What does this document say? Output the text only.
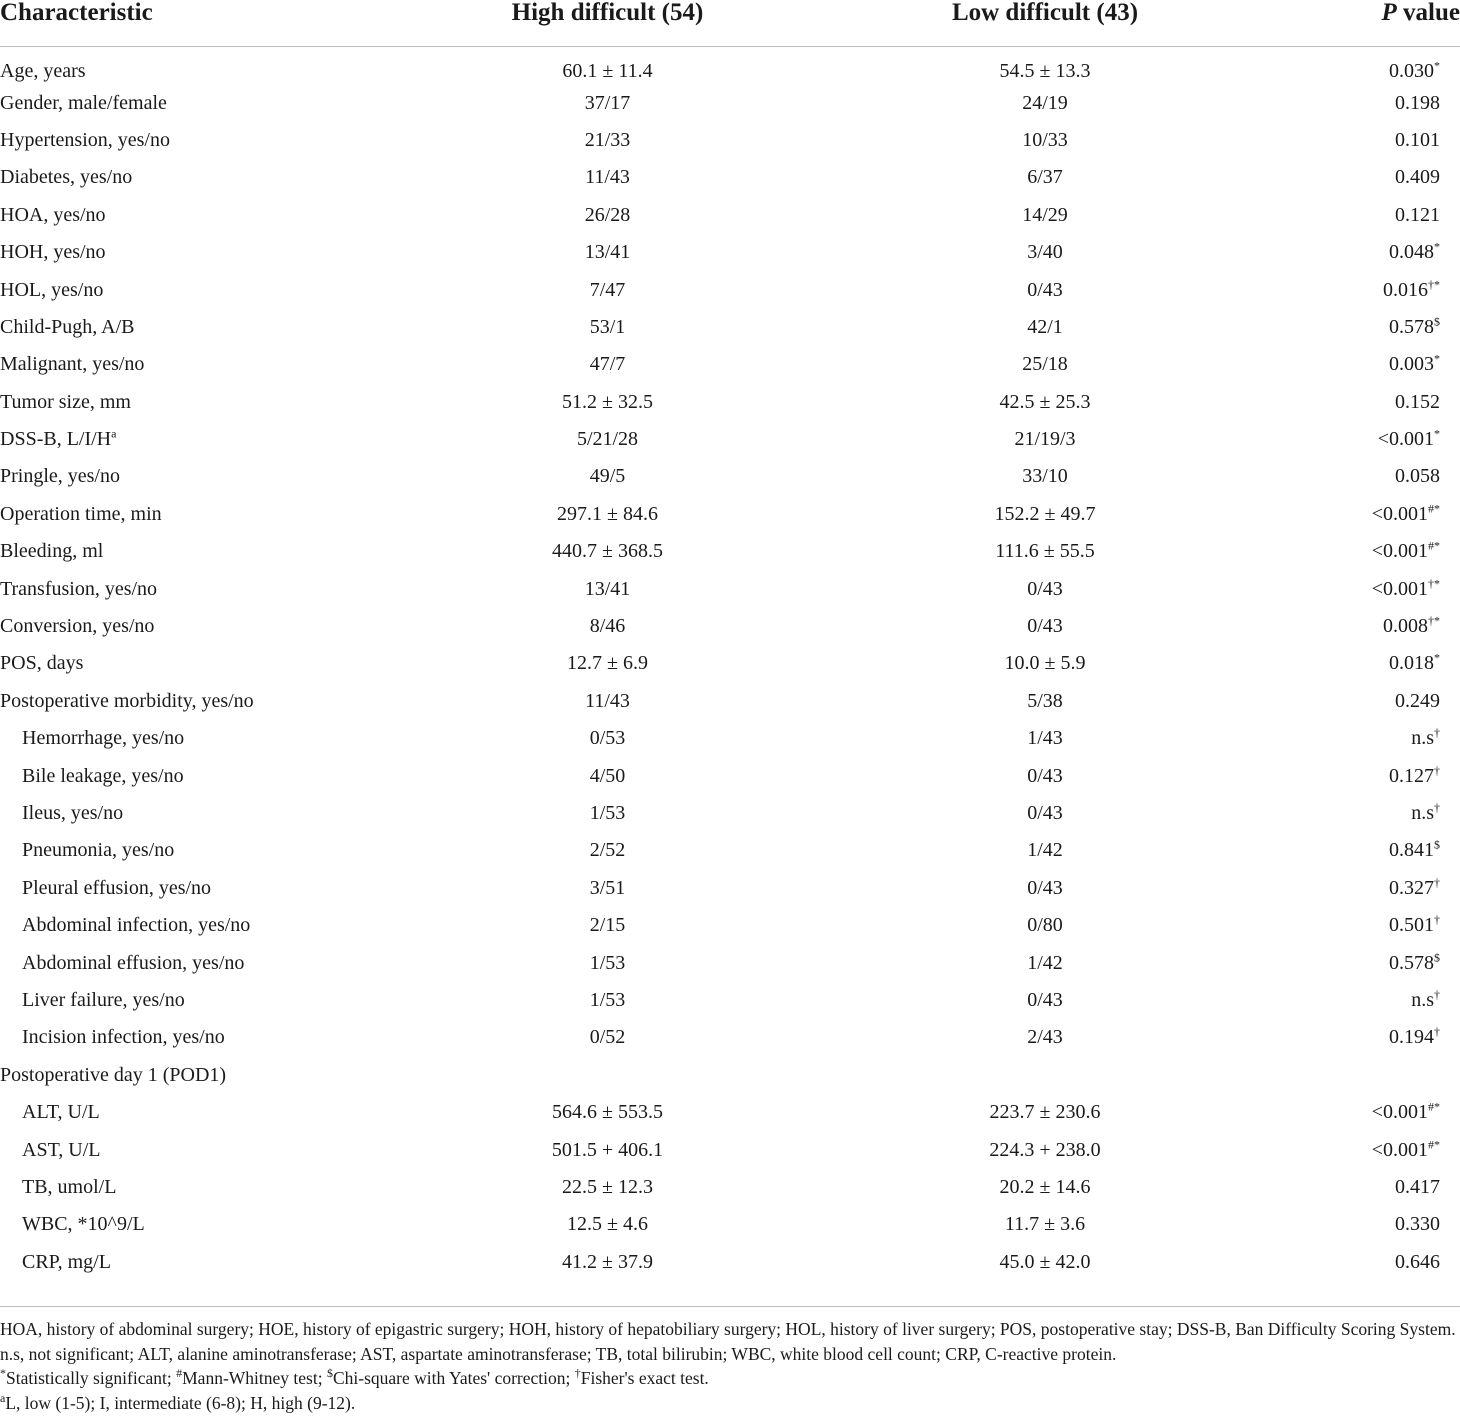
Characteristic	High difficult (54)	Low difficult (43)	P value
Age, years	60.1 ± 11.4	54.5 ± 13.3	0.030*
Gender, male/female	37/17	24/19	0.198
Hypertension, yes/no	21/33	10/33	0.101
Diabetes, yes/no	11/43	6/37	0.409
HOA, yes/no	26/28	14/29	0.121
HOH, yes/no	13/41	3/40	0.048*
HOL, yes/no	7/47	0/43	0.016†*
Child-Pugh, A/B	53/1	42/1	0.578$
Malignant, yes/no	47/7	25/18	0.003*
Tumor size, mm	51.2 ± 32.5	42.5 ± 25.3	0.152
DSS-B, $L/I/H^a$	5/21/28	21/19/3	<0.001*
Pringle, yes/no	49/5	33/10	0.058
Operation time, min	297.1 ± 84.6	152.2 ± 49.7	<0.001#*
Bleeding, ml	440.7 ± 368.5	111.6 ± 55.5	<0.001#*
Transfusion, yes/no	13/41	0/43	<0.001†*
Conversion, yes/no	8/46	0/43	0.008†*
POS, days	12.7 ± 6.9	10.0 ± 5.9	0.018*
Postoperative morbidity, yes/no	11/43	5/38	0.249
Hemorrhage, yes/no	0/53	1/43	n.s†
Bile leakage, yes/no	4/50	0/43	0.127†
Ileus, yes/no	1/53	0/43	n.s†
Pneumonia, yes/no	2/52	1/42	0.841$
Pleural effusion, yes/no	3/51	0/43	0.327†
Abdominal infection, yes/no	2/15	0/80	0.501†
Abdominal effusion, yes/no	1/53	1/42	0.578$
Liver failure, yes/no	1/53	0/43	n.s†
Incision infection, yes/no	0/52	2/43	0.194†
Postoperative day 1 (POD1)			
ALT, U/L	564.6 ± 553.5	223.7 ± 230.6	<0.001#*
AST, U/L	501.5 + 406.1	224.3 + 238.0	<0.001#*
TB, umol/L	22.5 ± 12.3	20.2 ± 14.6	0.417
WBC, *10^9/L	12.5 ± 4.6	11.7 ± 3.6	0.330
CRP, mg/L	41.2 ± 37.9	45.0 ± 42.0	0.646

HOA, history of abdominal surgery; HOE, history of epigastric surgery; HOH, history of hepatobiliary surgery; HOL, history of liver surgery; POS, postoperative stay; DSS-B, Ban Difficulty Scoring System. n.s, not significant; ALT, alanine aminotransferase; AST, aspartate aminotransferase; TB, total bilirubin; WBC, white blood cell count; CRP, C-reactive protein.

*Statistically significant; #Mann-Whitney test; $Chi-square with Yates' correction; †Fisher's exact test.

$^a$L, low (1-5); I, intermediate (6-8); H, high (9-12).
